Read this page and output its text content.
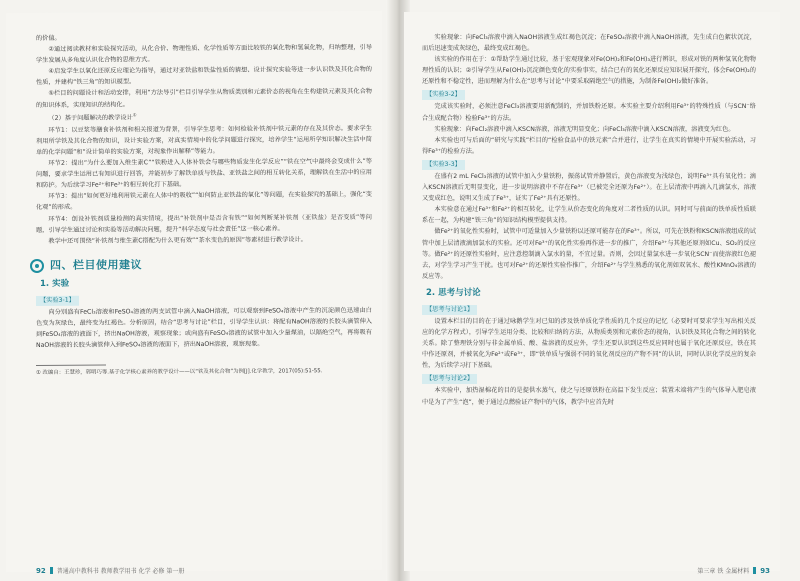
的价值。

②通过阅读教材和实验探究活动，从化合价、物理性质、化学性质等方面比较铁的氧化物和氢氧化物，归纳整理，引导学生发展从多角度认识化合物的思维方式。

④启发学生以氧化还原反应理论为指导，通过对亚铁盐和铁盐性质的猜想、设计探究实验等进一步认识铁及其化合物的性质，并建构“铁三角”的知识模型。

⑤栏目的问题设计和活动安排，利用“方法导引”栏目引导学生从物质类别和元素价态的视角在生构建铁元素及其化合物的知识体系，实现知识的结构化。

（2）基于问题解决的教学设计①

环节1：以豆浆等膳食补铁剂和相关报道为背景，引导学生思考：如何检验补铁剂中铁元素的存在及其价态。要求学生利用所学铁及其化合物的知识，设计实验方案，对真实情境中的化学问题进行探究，培养学生“运用所学知识解决生活中简单的化学问题”和“设计简单的实验方案，对现象作出解释”等能力。

环节2：提出“为什么要加入维生素C”“铁粉进入人体补铁会与哪些物质发生化学反应”“铁在空气中最终会变成什么”等问题，要求学生运用已有知识进行回答，并能初步了解铁单质与铁盐、亚铁盐之间的相互转化关系，理解铁在生活中的应用和防护。为后续学习Fe²⁺和Fe³⁺的相互转化打下基础。

环节3：提出“如何更好地利用铁元素在人体中的吸收”“如何防止亚铁盐的氧化”等问题，在实验探究的基础上，强化“变化观”的形成。

环节4：创设补铁剂质量检测的真实情境，提出“补铁剂中是否含有铁”“如何判断某补铁剂（亚铁盐）是否变质”等问题，引导学生通过讨论和实验等活动解决问题，提升“科学态度与社会责任”这一核心素养。

教学中还可围绕“补铁剂与维生素C搭配为什么更有效”“茶水变色的原因”等素材进行教学设计。

四、栏目使用建议
1. 实验
【实验3-1】

向分别盛有FeCl₃溶液和FeSO₄溶液的两支试管中滴入NaOH溶液，可以观察到FeSO₄溶液中产生的沉淀颜色迅速由白色变为灰绿色，最终变为红褐色。分析原因，结合“思考与讨论”栏目，引导学生认识：将配有NaOH溶液的长胶头滴管伸入到FeSO₄溶液的液面下，挤出NaOH溶液，观察现象；或向盛有FeSO₄溶液的试管中加入少量煤油，以隔绝空气，再将吸有NaOH溶液的长胶头滴管伸入到FeSO₄溶液的液面下，挤出NaOH溶液，观察现象。

① 改编自：王慧珍，郭明巧等.基于化学核心素养的教学设计——以“铁及其化合物”为例[J].化学教学，2017(05):51-55.

92 普通高中教科书 教师教学用书 化学 必修 第一册

实验现象：向FeCl₃溶液中滴入NaOH溶液生成红褐色沉淀；在FeSO₄溶液中滴入NaOH溶液，先生成白色絮状沉淀，而后迅速变成灰绿色，最终变成红褐色。

该实验的作用在于：①帮助学生通过比较，基于宏观现象对Fe(OH)₂和Fe(OH)₃进行辨识，形成对铁的两种氢氧化物物理性质的认识；②引导学生从Fe(OH)₂沉淀颜色变化的实验事实，结合已有的氧化还原反应知识展开探究，体会Fe(OH)₂的还原性和不稳定性，进而理解为什么在“思考与讨论”中要采取隔绝空气的措施，为制备Fe(OH)₂做好准备。

【实验3-2】

完成该实验时，必须注意FeCl₃溶液要用新配制的，并加铁粉还原。本实验主要介绍利用Fe³⁺的特殊性质（与SCN⁻络合生成配合物）检验Fe³⁺的方法。

实验现象：向FeCl₂溶液中滴入KSCN溶液，溶液无明显变化；向FeCl₃溶液中滴入KSCN溶液，溶液变为红色。

本实验也可与后面的“研究与实践”栏目的“检验食品中的铁元素”合并进行，让学生在真实的情境中开展实验活动，习得Fe³⁺的检验方法。

【实验3-3】

在盛有2 mL FeCl₃溶液的试管中加入少量铁粉，振荡试管并静置后，黄色溶液变为浅绿色，说明Fe³⁺具有氧化性；滴入KSCN溶液后无明显变化，进一步说明溶液中不存在Fe³⁺（已被完全还原为Fe²⁺）。在上层清液中再滴入几滴氯水，溶液又变成红色，说明又生成了Fe³⁺，证实了Fe²⁺具有还原性。

本实验意在通过Fe³⁺和Fe²⁺的相互转化，让学生从价态变化的角度对二者性质的认识。同时可与前面的铁单质性质联系在一起，为构建“铁三角”的知识结构模型提供支持。

做Fe²⁺的氧化性实验时，试管中可适量加入少量铁粉以还原可能存在的Fe³⁺。所以，可先在铁粉和KSCN溶液组成的试管中加上层清液滴加氯水的实验。还可对Fe³⁺的氧化性实验再作进一步的推广，介绍Fe³⁺与其他还原剂如Cu、SO₂的反应等。做Fe²⁺的还原性实验时，应注意控制滴入氯水的量，不宜过量。否则，会因过量氯水进一步氧化SCN⁻而使溶液红色褪去，对学生学习产生干扰。也可对Fe²⁺的还原性实验作推广，介绍Fe²⁺与学生熟悉的氧化剂如双氧水、酸性KMnO₄溶液的反应等。

2. 思考与讨论
【思考与讨论1】

设置本栏目的目的在于通过咏鹅学生对已知的涉及铁单质化学性质的几个反应的记忆（必要时可要求学生写出相关反应的化学方程式），引导学生运用分类、比较和归纳的方法，从物质类别和元素价态的视角，认识铁及其化合物之间的转化关系。除了整理铁分别与非金属单质、酸、盐溶液的反应外，学生还要认识到这些反应同时也属于氧化还原反应，铁在其中作还原剂，并被氧化为Fe²⁺或Fe³⁺，即“铁单质与强弱不同的氧化剂反应的产物不同”的认识，同时认识化学反应的复杂性，为后续学习打下基础。

【思考与讨论2】

本实验中，加热湿棉花的目的是提供水蒸气，使之与还原铁粉在高温下发生反应；装置末端将产生的气体导入肥皂液中是为了产生“泡”，便于通过点燃验证产物中的气体，教学中应首先时

第三章 铁 金属材料 93
